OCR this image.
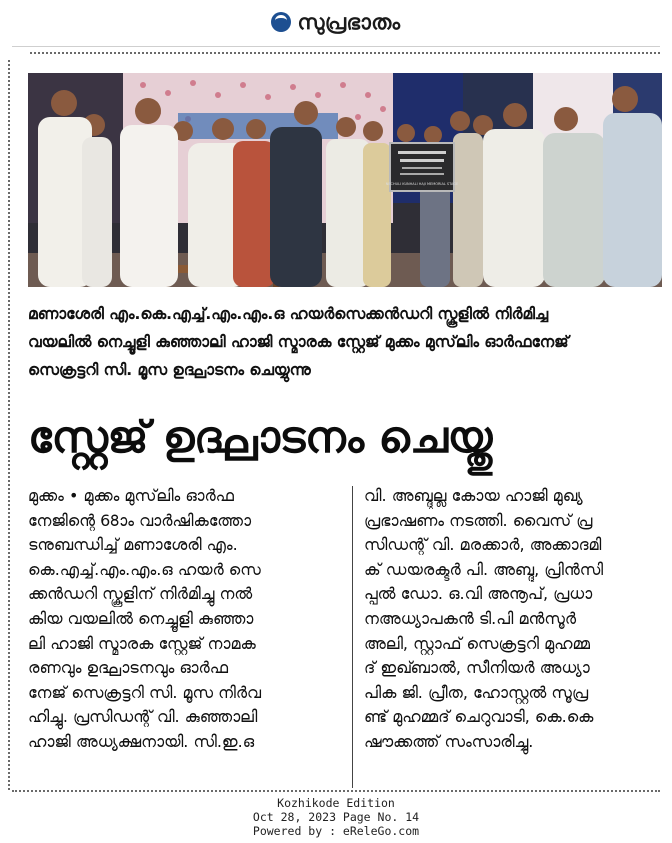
സുപ്രഭാതം
NECHULI KUNHALI HAJI MEMORIAL STAGE
മണാശേരി എം.കെ.എച്ച്.എം.എം.ഒ ഹയർസെക്കൻഡറി സ്കൂളിൽ നിർമിച്ച
വയലിൽ നെച്ചൂളി കുഞ്ഞാലി ഹാജി സ്മാരക സ്റ്റേജ് മുക്കം മുസ്‌ലിം ഓർഫനേജ്
സെക്രട്ടറി സി. മൂസ ഉദ്ഘാടനം ചെയ്യുന്നു
സ്റ്റേജ് ഉദ്ഘാടനം ചെയ്തു
മുക്കം • മുക്കം മുസ്‌ലിം ഓർഫ
നേജിന്റെ 68ാം വാർഷികത്തോ
ടനുബന്ധിച്ച് മണാശേരി എം.
കെ.എച്ച്.എം.എം.ഒ ഹയർ സെ
ക്കൻഡറി സ്കൂളിന് നിർമിച്ചു നൽ
കിയ വയലിൽ നെച്ചൂളി കുഞ്ഞാ
ലി ഹാജി സ്മാരക സ്റ്റേജ് നാമക
രണവും ഉദ്ഘാടനവും ഓർഫ
നേജ് സെക്രട്ടറി സി. മൂസ നിർവ
ഹിച്ചു. പ്രസിഡന്റ് വി. കുഞ്ഞാലി
ഹാജി അധ്യക്ഷനായി. സി.ഇ.ഒ
വി. അബ്ദുല്ല കോയ ഹാജി മുഖ്യ
പ്രഭാഷണം നടത്തി. വൈസ് പ്ര
സിഡന്റ് വി. മരക്കാർ, അക്കാദമി
ക് ഡയരക്ടർ പി. അബ്ദു, പ്രിൻസി
പ്പൽ ഡോ. ഒ.വി അനൂപ്, പ്രധാ
നഅധ്യാപകൻ ടി.പി മൻസൂർ
അലി, സ്റ്റാഫ് സെക്രട്ടറി മുഹമ്മ
ദ് ഇഖ്ബാൽ, സീനിയർ അധ്യാ
പിക ജി. പ്രീത, ഹോസ്റ്റൽ സൂപ്ര
ണ്ട് മുഹമ്മദ് ചെറുവാടി, കെ.കെ
ഷൗക്കത്ത് സംസാരിച്ചു.
Kozhikode Edition
Oct 28, 2023 Page No. 14
Powered by : eReleGo.com
